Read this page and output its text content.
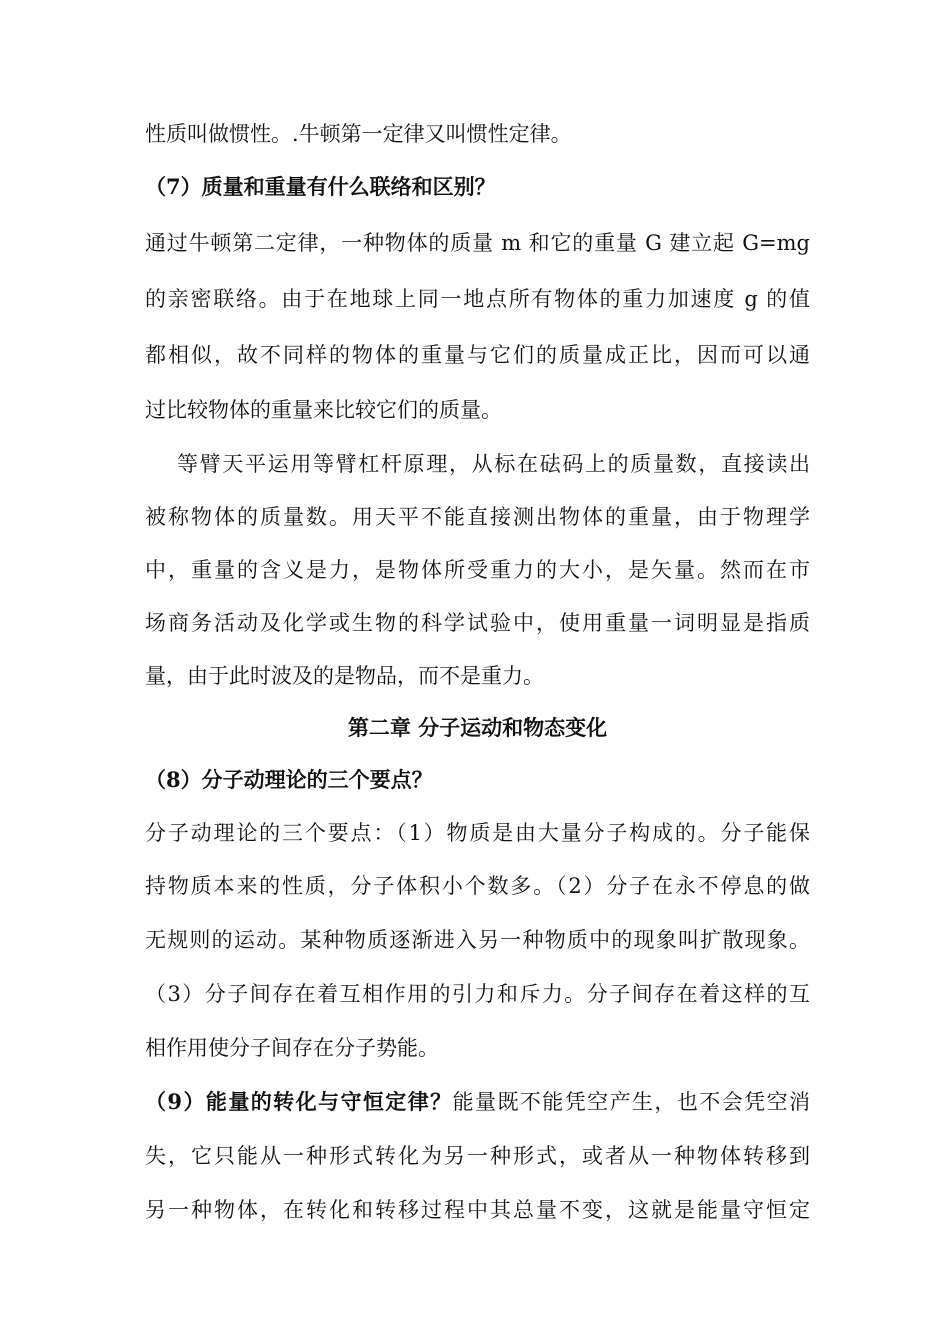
性质叫做惯性。.牛顿第一定律又叫惯性定律。
（7）质量和重量有什么联络和区别？
通过牛顿第二定律，一种物体的质量 m 和它的重量 G 建立起 G=mg
的亲密联络。由于在地球上同一地点所有物体的重力加速度 g 的值
都相似，故不同样的物体的重量与它们的质量成正比，因而可以通
过比较物体的重量来比较它们的质量。
等臂天平运用等臂杠杆原理，从标在砝码上的质量数，直接读出
被称物体的质量数。用天平不能直接测出物体的重量，由于物理学
中，重量的含义是力，是物体所受重力的大小，是矢量。然而在市
场商务活动及化学或生物的科学试验中，使用重量一词明显是指质
量，由于此时波及的是物品，而不是重力。
第二章 分子运动和物态变化
（8）分子动理论的三个要点？
分子动理论的三个要点：（1）物质是由大量分子构成的。分子能保
持物质本来的性质，分子体积小个数多。（2）分子在永不停息的做
无规则的运动。某种物质逐渐进入另一种物质中的现象叫扩散现象。
（3）分子间存在着互相作用的引力和斥力。分子间存在着这样的互
相作用使分子间存在分子势能。
（9）能量的转化与守恒定律？能量既不能凭空产生，也不会凭空消
失，它只能从一种形式转化为另一种形式，或者从一种物体转移到
另一种物体，在转化和转移过程中其总量不变，这就是能量守恒定
